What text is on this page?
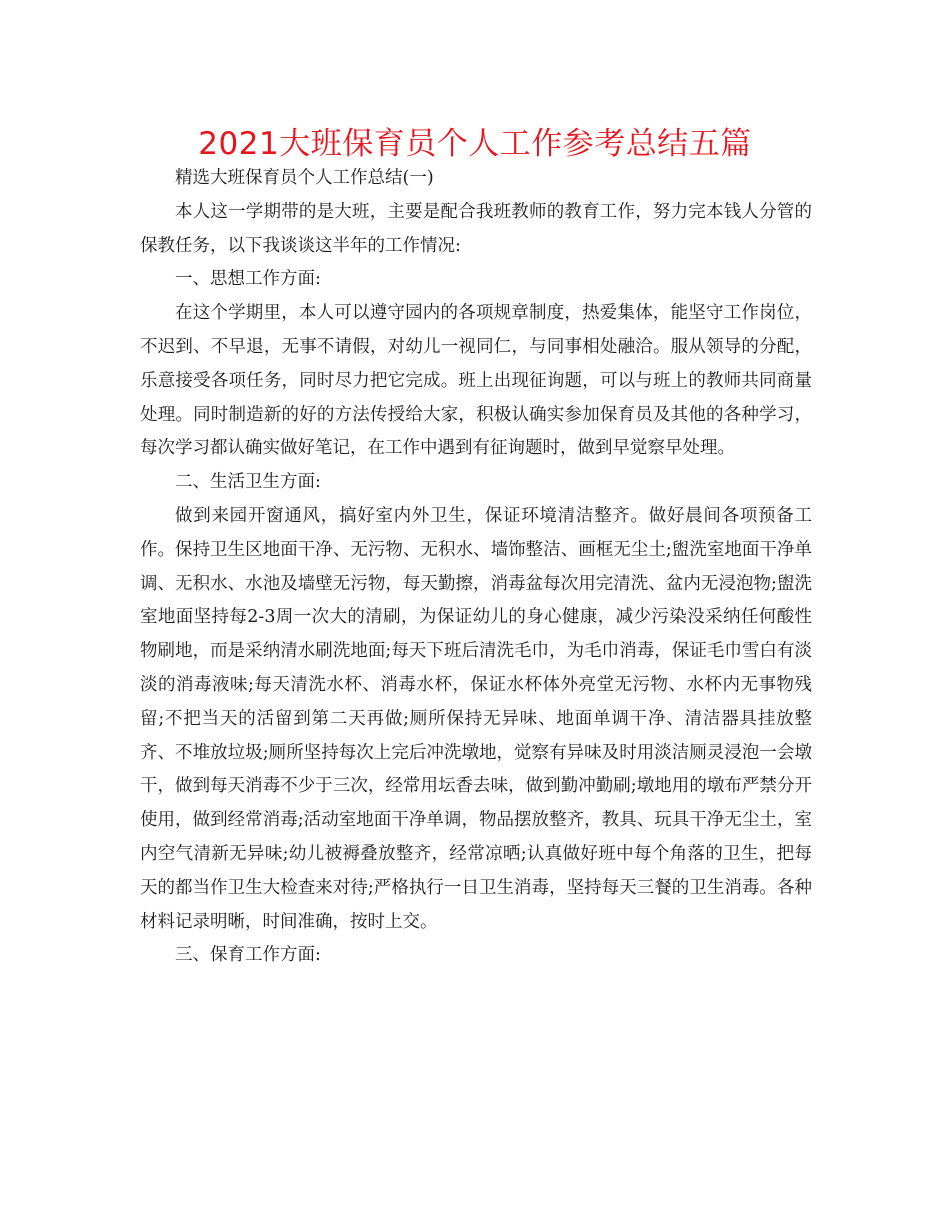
2021大班保育员个人工作参考总结五篇

精选大班保育员个人工作总结(一)

本人这一学期带的是大班，主要是配合我班教师的教育工作，努力完本钱人分管的保教任务，以下我谈谈这半年的工作情况:

一、思想工作方面:

在这个学期里，本人可以遵守园内的各项规章制度，热爱集体，能坚守工作岗位，不迟到、不早退，无事不请假，对幼儿一视同仁，与同事相处融洽。服从领导的分配，乐意接受各项任务，同时尽力把它完成。班上出现征询题，可以与班上的教师共同商量处理。同时制造新的好的方法传授给大家，积极认确实参加保育员及其他的各种学习，每次学习都认确实做好笔记，在工作中遇到有征询题时，做到早觉察早处理。

二、生活卫生方面:

做到来园开窗通风，搞好室内外卫生，保证环境清洁整齐。做好晨间各项预备工作。保持卫生区地面干净、无污物、无积水、墙饰整洁、画框无尘土;盥洗室地面干净单调、无积水、水池及墙壁无污物，每天勤擦，消毒盆每次用完清洗、盆内无浸泡物;盥洗室地面坚持每2-3周一次大的清刷，为保证幼儿的身心健康，减少污染没采纳任何酸性物刷地，而是采纳清水刷洗地面;每天下班后清洗毛巾，为毛巾消毒，保证毛巾雪白有淡淡的消毒液味;每天清洗水杯、消毒水杯，保证水杯体外亮堂无污物、水杯内无事物残留;不把当天的活留到第二天再做;厕所保持无异味、地面单调干净、清洁器具挂放整齐、不堆放垃圾;厕所坚持每次上完后冲洗墩地，觉察有异味及时用淡洁厕灵浸泡一会墩干，做到每天消毒不少于三次，经常用坛香去味，做到勤冲勤刷;墩地用的墩布严禁分开使用，做到经常消毒;活动室地面干净单调，物品摆放整齐，教具、玩具干净无尘土，室内空气清新无异味;幼儿被褥叠放整齐，经常凉晒;认真做好班中每个角落的卫生，把每天的都当作卫生大检查来对待;严格执行一日卫生消毒，坚持每天三餐的卫生消毒。各种材料记录明晰，时间准确，按时上交。

三、保育工作方面:
